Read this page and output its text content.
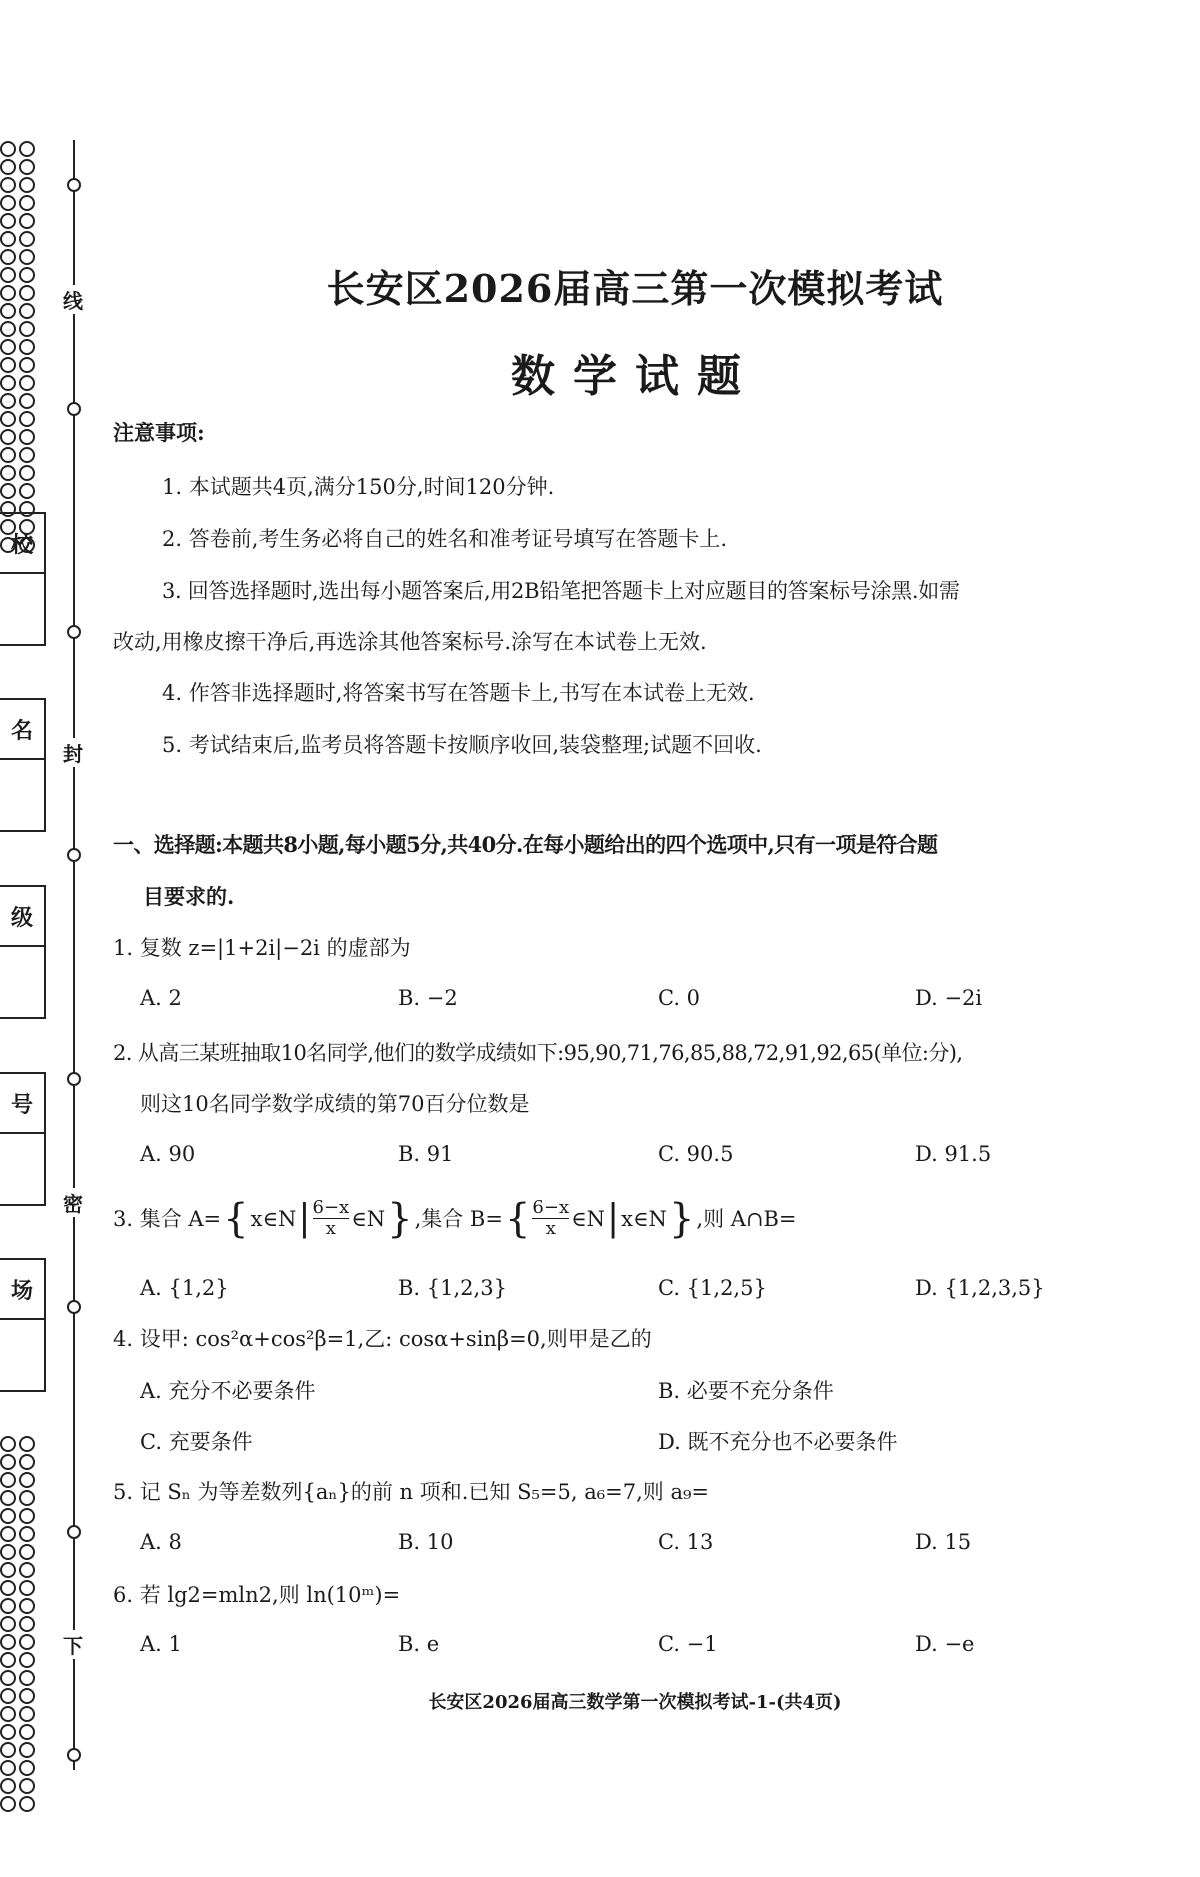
线
封
密
下
校
名
级
号
场
长安区2026届高三第一次模拟考试
数学试题
注意事项:
1. 本试题共4页,满分150分,时间120分钟.
2. 答卷前,考生务必将自己的姓名和准考证号填写在答题卡上.
3. 回答选择题时,选出每小题答案后,用2B铅笔把答题卡上对应题目的答案标号涂黑.如需
改动,用橡皮擦干净后,再选涂其他答案标号.涂写在本试卷上无效.
4. 作答非选择题时,将答案书写在答题卡上,书写在本试卷上无效.
5. 考试结束后,监考员将答题卡按顺序收回,装袋整理;试题不回收.
一、选择题:本题共8小题,每小题5分,共40分.在每小题给出的四个选项中,只有一项是符合题
目要求的.
1. 复数 z=|1+2i|−2i 的虚部为
A. 2	B. −2	C. 0	D. −2i
2. 从高三某班抽取10名同学,他们的数学成绩如下:95,90,71,76,85,88,72,91,92,65(单位:分),
则这10名同学数学成绩的第70百分位数是
A. 90	B. 91	C. 90.5	D. 91.5
3. 集合 A= { x∈N | $\frac{6-x}{x}$ ∈N } ,集合 B= { $\frac{6-x}{x}$ ∈N | x∈N } ,则 A∩B=
A. {1,2}	B. {1,2,3}	C. {1,2,5}	D. {1,2,3,5}
4. 设甲: cos²α+cos²β=1,乙: cosα+sinβ=0,则甲是乙的
A. 充分不必要条件	B. 必要不充分条件
C. 充要条件	D. 既不充分也不必要条件
5. 记 Sₙ 为等差数列{aₙ}的前 n 项和.已知 S₅=5, a₆=7,则 a₉=
A. 8	B. 10	C. 13	D. 15
6. 若 lg2=mln2,则 ln(10ᵐ)=
A. 1	B. e	C. −1	D. −e
长安区2026届高三数学第一次模拟考试-1-(共4页)
